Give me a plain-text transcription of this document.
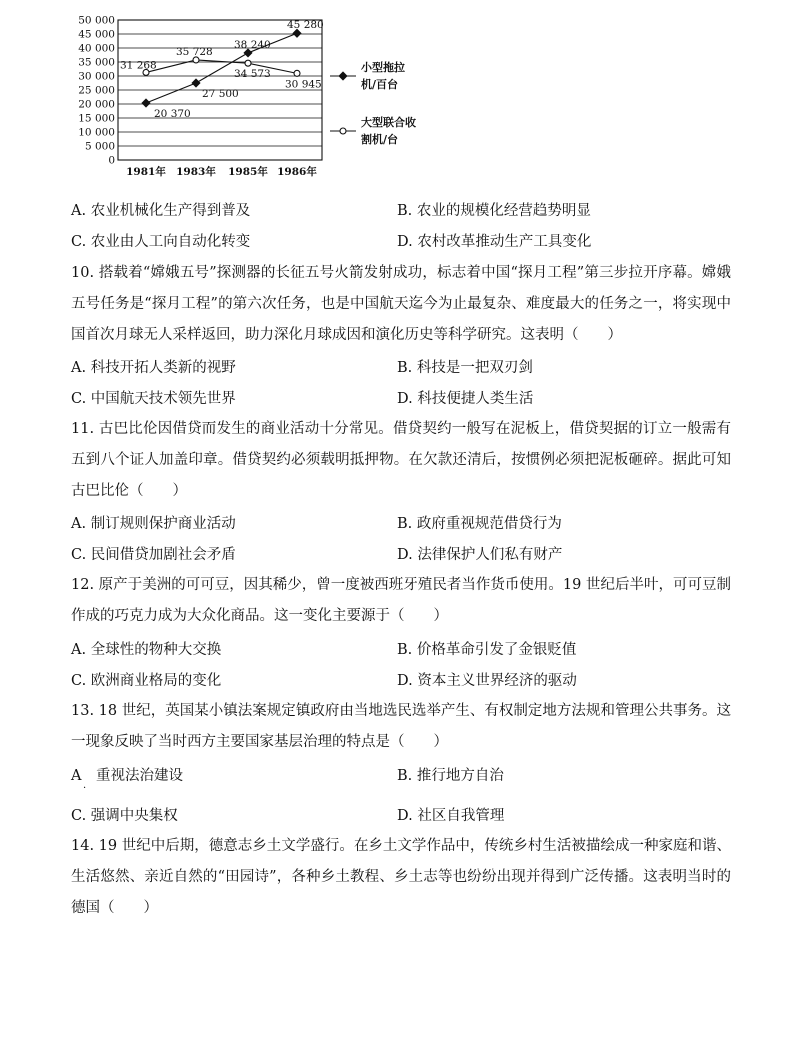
50 000
45 000
40 000
35 000
30 000
25 000
20 000
15 000
10 000
5 000
0
1981年 1983年 1985年 1986年
20 370
27 500
38 240
45 280
31 268
35 728
34 573
30 945
小型拖拉
机/百台
大型联合收
割机/台
A. 农业机械化生产得到普及	B. 农业的规模化经营趋势明显
C. 农业由人工向自动化转变	D. 农村改革推动生产工具变化

10. 搭载着“嫦娥五号”探测器的长征五号火箭发射成功，标志着中国“探月工程”第三步拉开序幕。嫦娥五号任务是“探月工程”的第六次任务，也是中国航天迄今为止最复杂、难度最大的任务之一，将实现中国首次月球无人采样返回，助力深化月球成因和演化历史等科学研究。这表明（　　）

A. 科技开拓人类新的视野	B. 科技是一把双刃剑
C. 中国航天技术领先世界	D. 科技便捷人类生活

11. 古巴比伦因借贷而发生的商业活动十分常见。借贷契约一般写在泥板上，借贷契据的订立一般需有五到八个证人加盖印章。借贷契约必须载明抵押物。在欠款还清后，按惯例必须把泥板砸碎。据此可知古巴比伦（　　）

A. 制订规则保护商业活动	B. 政府重视规范借贷行为
C. 民间借贷加剧社会矛盾	D. 法律保护人们私有财产

12. 原产于美洲的可可豆，因其稀少，曾一度被西班牙殖民者当作货币使用。19 世纪后半叶，可可豆制作成的巧克力成为大众化商品。这一变化主要源于（　　）

A. 全球性的物种大交换	B. 价格革命引发了金银贬值
C. 欧洲商业格局的变化	D. 资本主义世界经济的驱动

13. 18 世纪，英国某小镇法案规定镇政府由当地选民选举产生、有权制定地方法规和管理公共事务。这一现象反映了当时西方主要国家基层治理的特点是（　　）

A　重视法治建设
·
B. 推行地方自治
C. 强调中央集权	D. 社区自我管理

14. 19 世纪中后期，德意志乡土文学盛行。在乡土文学作品中，传统乡村生活被描绘成一种家庭和谐、生活悠然、亲近自然的“田园诗”，各种乡土教程、乡土志等也纷纷出现并得到广泛传播。这表明当时的德国（　　）
